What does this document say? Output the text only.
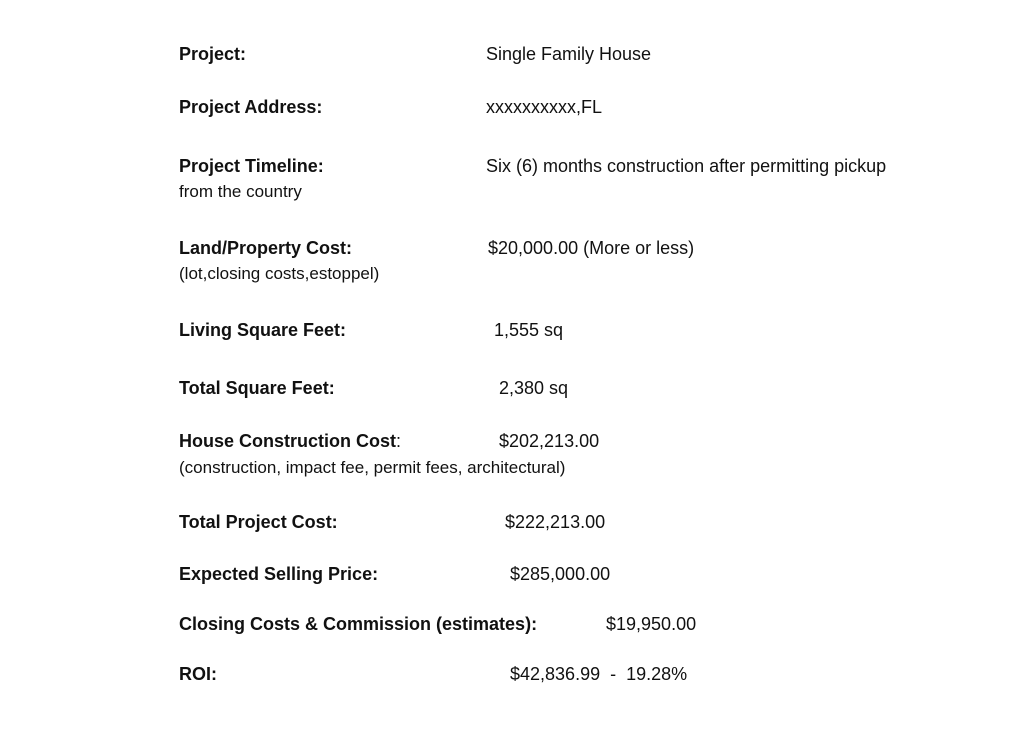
Project:	Single Family House
Project Address:	xxxxxxxxxx,FL
Project Timeline:	Six (6) months construction after permitting pickup
from the country
Land/Property Cost:	$20,000.00 (More or less)
(lot,closing costs,estoppel)
Living Square Feet:	1,555 sq
Total Square Feet:	2,380 sq
House Construction Cost:	$202,213.00
(construction, impact fee, permit fees, architectural)
Total Project Cost:	$222,213.00
Expected Selling Price:	$285,000.00
Closing Costs & Commission (estimates):	$19,950.00
ROI:	$42,836.99  -  19.28%
